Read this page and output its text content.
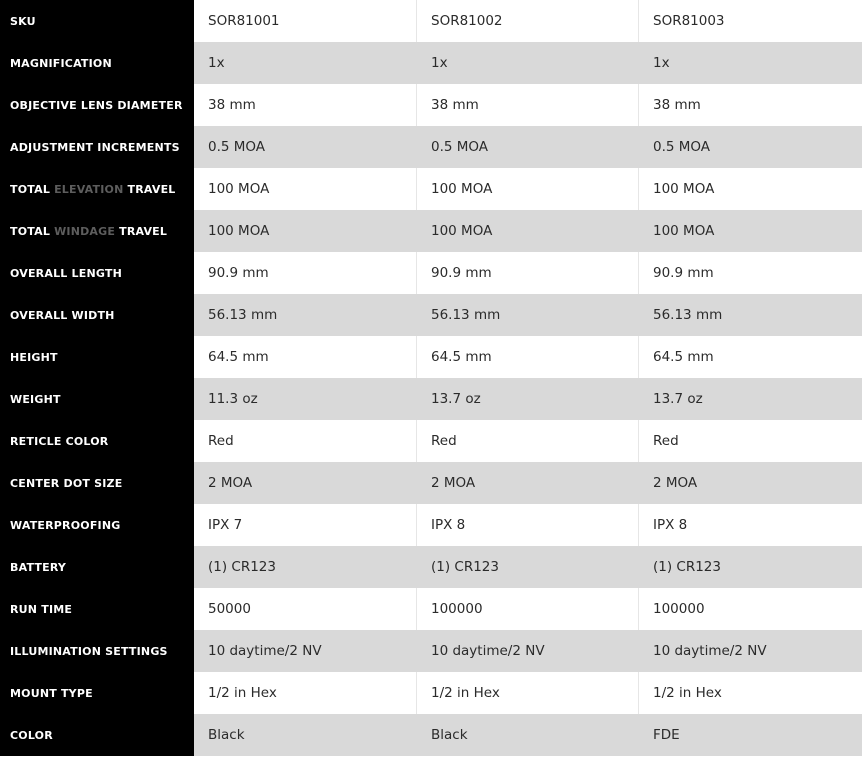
SKU	SOR81001	SOR81002	SOR81003
MAGNIFICATION	1x	1x	1x
OBJECTIVE LENS DIAMETER	38 mm	38 mm	38 mm
ADJUSTMENT INCREMENTS	0.5 MOA	0.5 MOA	0.5 MOA
TOTAL ELEVATION TRAVEL	100 MOA	100 MOA	100 MOA
TOTAL WINDAGE TRAVEL	100 MOA	100 MOA	100 MOA
OVERALL LENGTH	90.9 mm	90.9 mm	90.9 mm
OVERALL WIDTH	56.13 mm	56.13 mm	56.13 mm
HEIGHT	64.5 mm	64.5 mm	64.5 mm
WEIGHT	11.3 oz	13.7 oz	13.7 oz
RETICLE COLOR	Red	Red	Red
CENTER DOT SIZE	2 MOA	2 MOA	2 MOA
WATERPROOFING	IPX 7	IPX 8	IPX 8
BATTERY	(1) CR123	(1) CR123	(1) CR123
RUN TIME	50000	100000	100000
ILLUMINATION SETTINGS	10 daytime/2 NV	10 daytime/2 NV	10 daytime/2 NV
MOUNT TYPE	1/2 in Hex	1/2 in Hex	1/2 in Hex
COLOR	Black	Black	FDE
